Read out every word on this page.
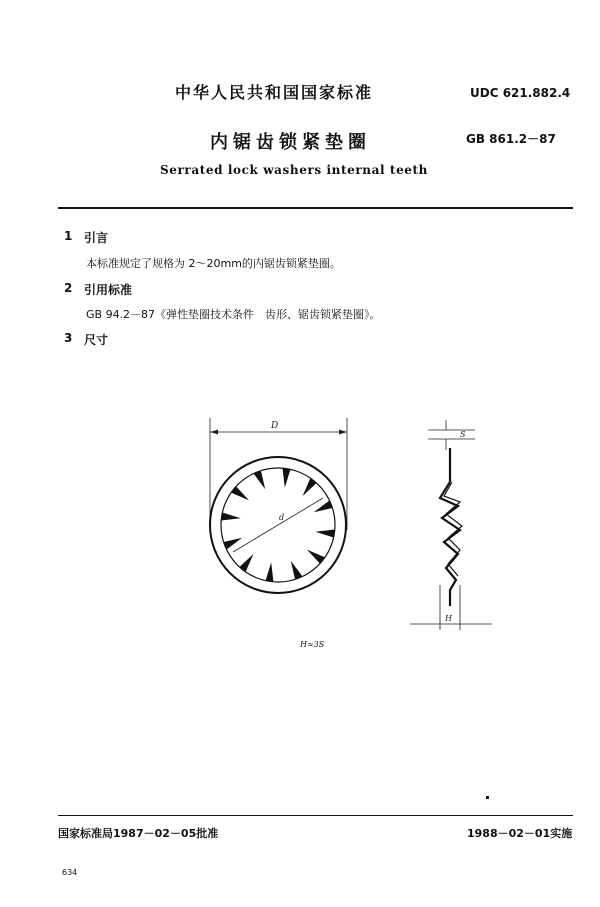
中华人民共和国国家标准	UDC 621.882.4
内锯齿锁紧垫圈	GB 861.2－87
Serrated lock washers internal teeth
1 引言
本标准规定了规格为 2～20mm的内锯齿锁紧垫圈。
2 引用标准
GB 94.2－87《弹性垫圈技术条件　齿形、锯齿锁紧垫圈》。
3 尺寸
D
d
S
H
H≈3S
国家标准局1987－02－05批准	1988－02－01实施
634
